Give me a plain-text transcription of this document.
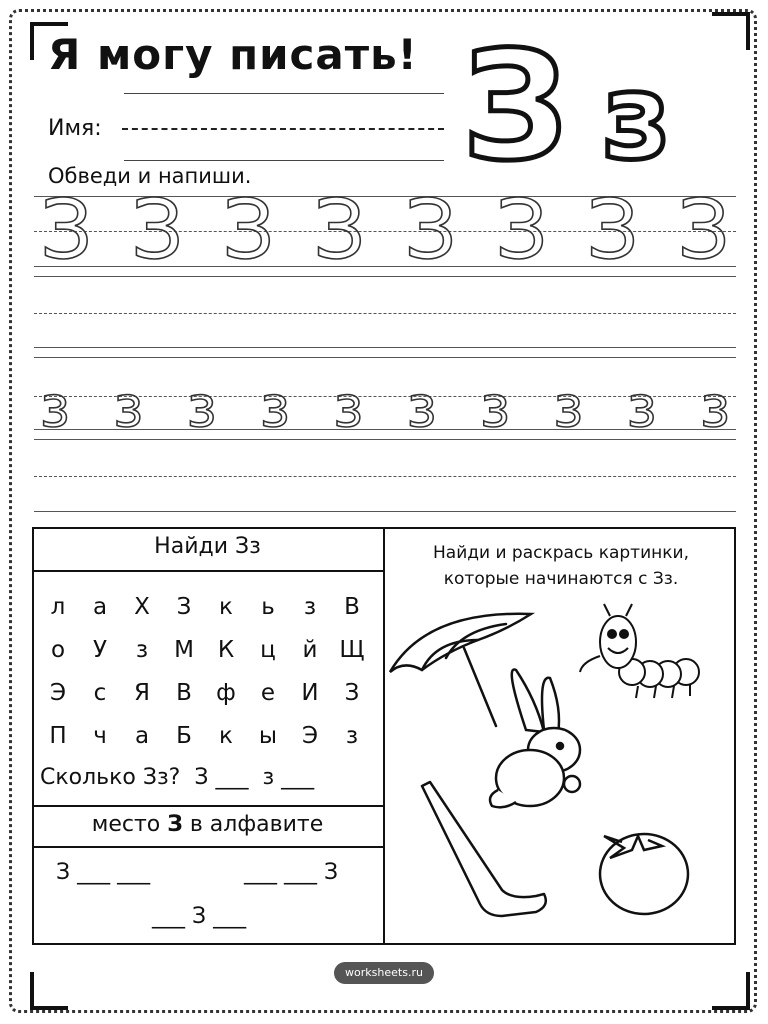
Я могу писать! З з
Имя:
Обведи и напиши.
З З З З З З З З
з з з з з з з з з з
Найди Зз
л	а	Х	З	к	ь	з	В
о	У	з	М	К	ц	й Щ
Э	с	Я	В	ф	е	И	З
П	ч	а	Б	к	ы	Э	з
Сколько Зз? З ___ з ___
место З в алфавите
З ___ ___	___ ___ З
___ З ___
Найди и раскрась картинки,
которые начинаются с Зз.
worksheets.ru
